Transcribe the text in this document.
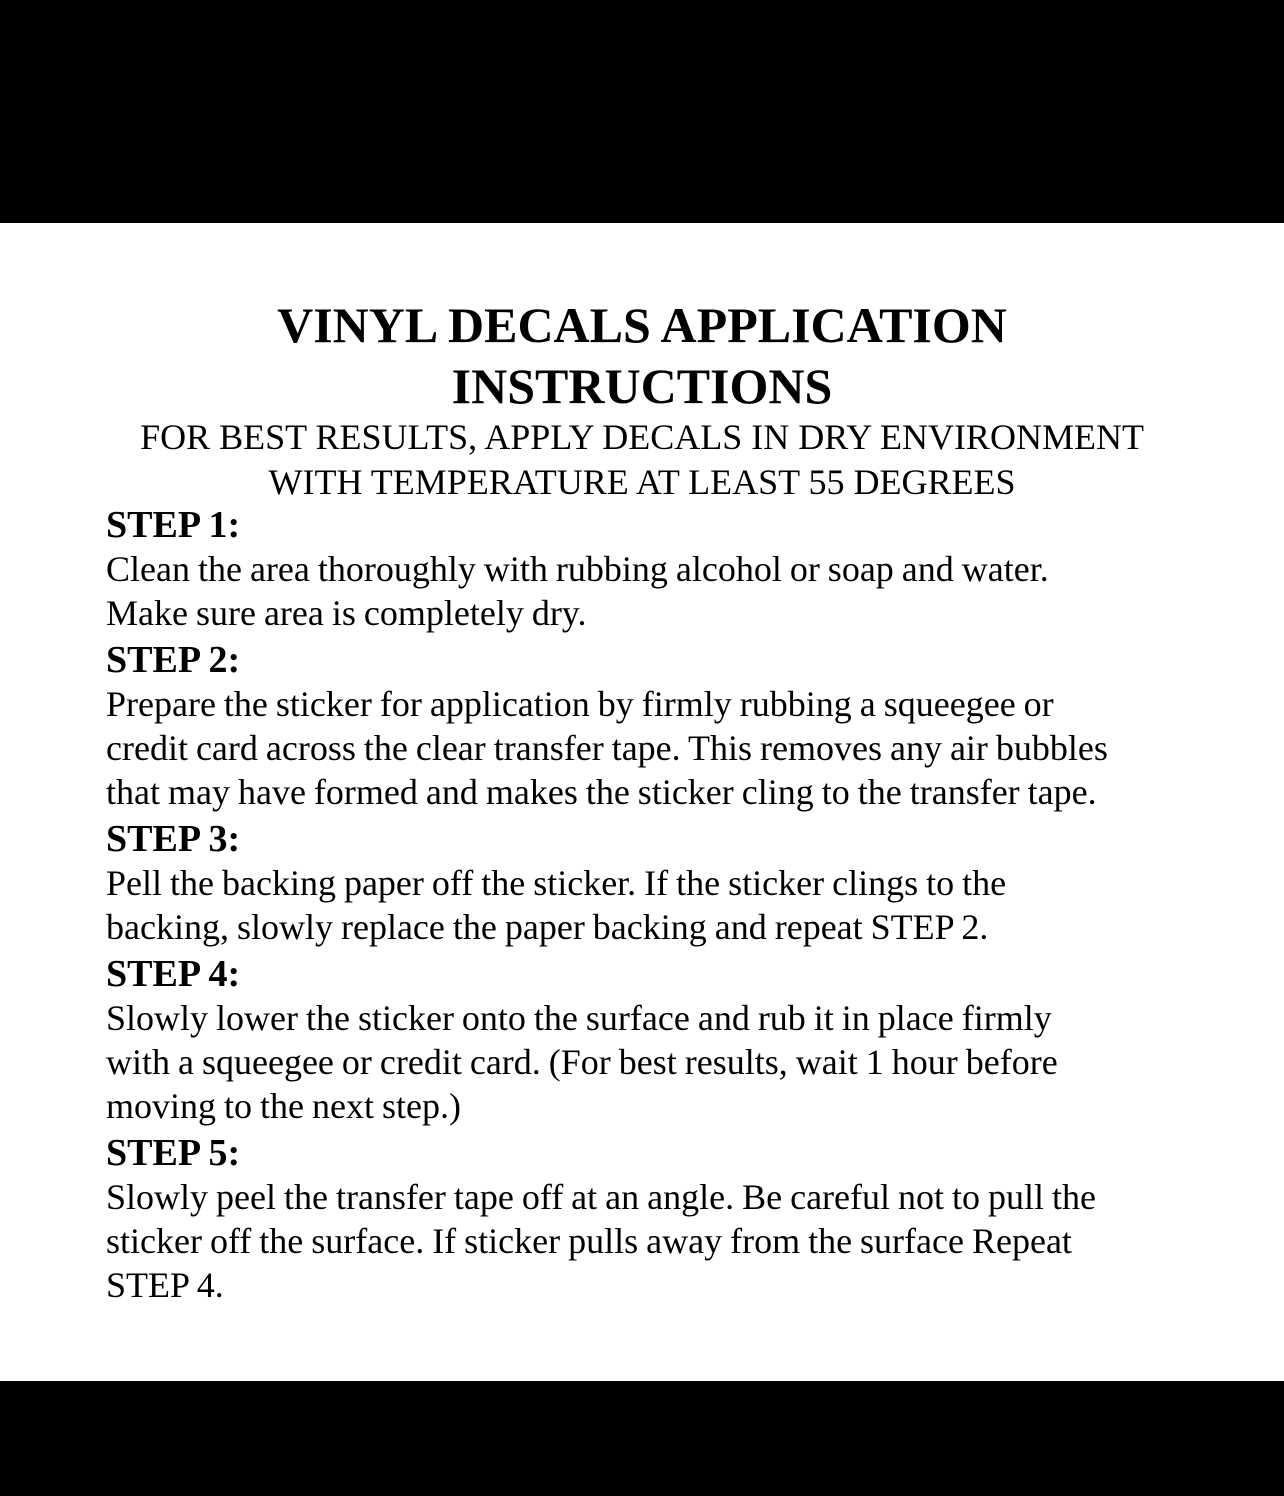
VINYL DECALS APPLICATION
INSTRUCTIONS

FOR BEST RESULTS, APPLY DECALS IN DRY ENVIRONMENT
WITH TEMPERATURE AT LEAST 55 DEGREES

STEP 1:

Clean the area thoroughly with rubbing alcohol or soap and water.
Make sure area is completely dry.

STEP 2:

Prepare the sticker for application by firmly rubbing a squeegee or
credit card across the clear transfer tape. This removes any air bubbles
that may have formed and makes the sticker cling to the transfer tape.

STEP 3:

Pell the backing paper off the sticker. If the sticker clings to the
backing, slowly replace the paper backing and repeat STEP 2.

STEP 4:

Slowly lower the sticker onto the surface and rub it in place firmly
with a squeegee or credit card. (For best results, wait 1 hour before
moving to the next step.)

STEP 5:

Slowly peel the transfer tape off at an angle. Be careful not to pull the
sticker off the surface. If sticker pulls away from the surface Repeat
STEP 4.
